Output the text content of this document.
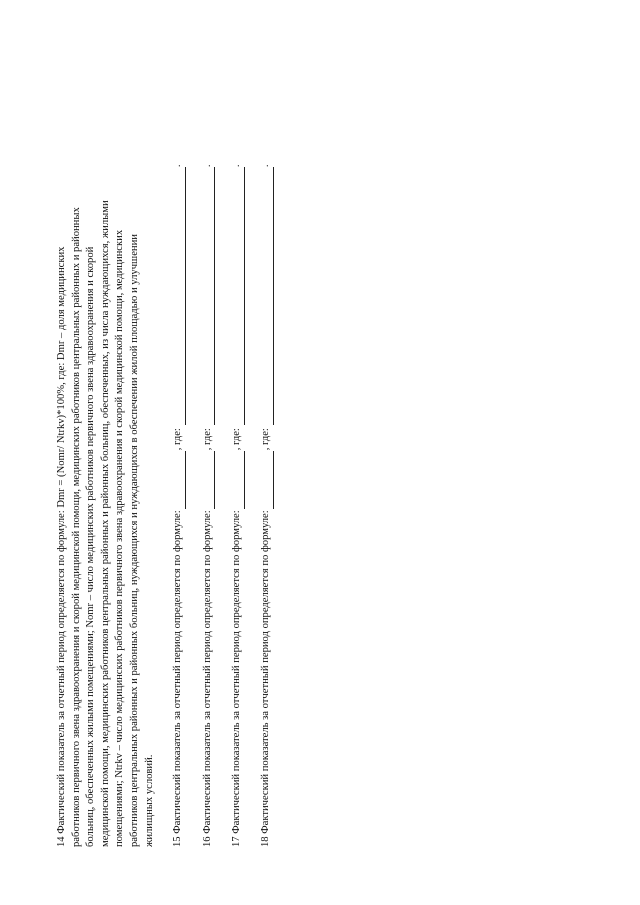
14 Фактический показатель за отчетный период определяется по формуле: Dmr = (Nomr/ Ntrkv)*100%, где: Dmr – доля медицинских работников первичного звена здравоохранения и скорой медицинской помощи, медицинских работников центральных районных и районных больниц, обеспеченных жилыми помещениями; Nomr – число медицинских работников первичного звена здравоохранения и скорой медицинской помощи, медицинских работников центральных районных и районных больниц, обеспеченных, из числа нуждающихся, жилыми помещениями; Ntrkv – число медицинских работников первичного звена здравоохранения и скорой медицинской помощи, медицинских работников центральных районных и районных больниц, нуждающихся и нуждающихся в обеспечении жилой площадью и улучшении жилищных условий. 15 Фактический показатель за отчетный период определяется по формуле:
, где:
.
16 Фактический показатель за отчетный период определяется по формуле:
, где:
.
17 Фактический показатель за отчетный период определяется по формуле:
, где:
.
18 Фактический показатель за отчетный период определяется по формуле:
, где:
.
